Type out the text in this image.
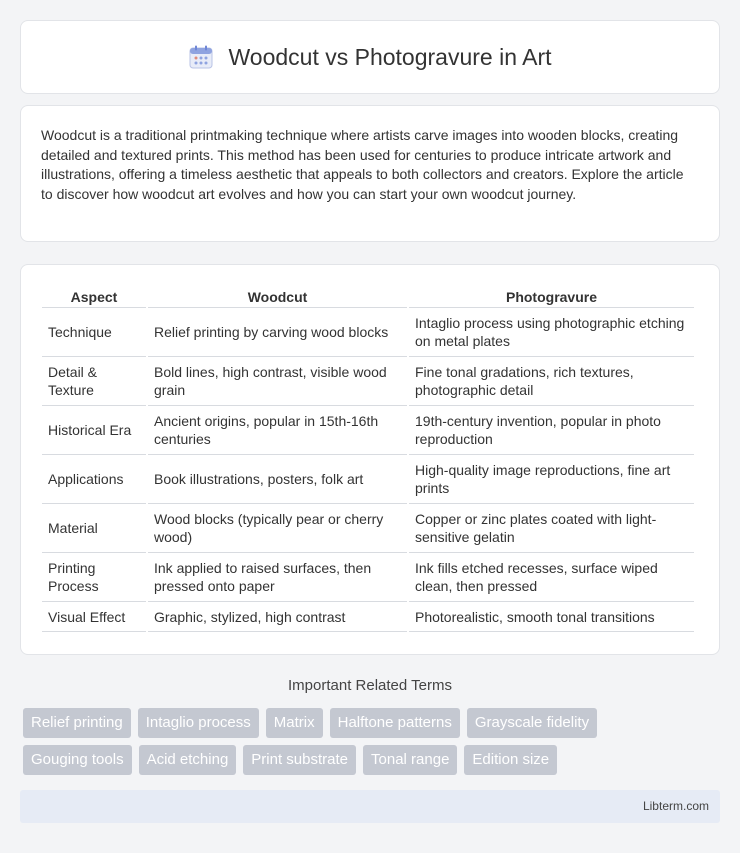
Woodcut vs Photogravure in Art

Woodcut is a traditional printmaking technique where artists carve images into wooden blocks, creating detailed and textured prints. This method has been used for centuries to produce intricate artwork and illustrations, offering a timeless aesthetic that appeals to both collectors and creators. Explore the article to discover how woodcut art evolves and how you can start your own woodcut journey.

Aspect	Woodcut	Photogravure
Technique	Relief printing by carving wood blocks	Intaglio process using photographic etching on metal plates
Detail & Texture	Bold lines, high contrast, visible wood grain	Fine tonal gradations, rich textures, photographic detail
Historical Era	Ancient origins, popular in 15th-16th centuries	19th-century invention, popular in photo reproduction
Applications	Book illustrations, posters, folk art	High-quality image reproductions, fine art prints
Material	Wood blocks (typically pear or cherry wood)	Copper or zinc plates coated with light-sensitive gelatin
Printing Process	Ink applied to raised surfaces, then pressed onto paper	Ink fills etched recesses, surface wiped clean, then pressed
Visual Effect	Graphic, stylized, high contrast	Photorealistic, smooth tonal transitions
Important Related Terms
Relief printing	Intaglio process	Matrix	Halftone patterns	Grayscale fidelity
Gouging tools	Acid etching	Print substrate	Tonal range	Edition size
Libterm.com
